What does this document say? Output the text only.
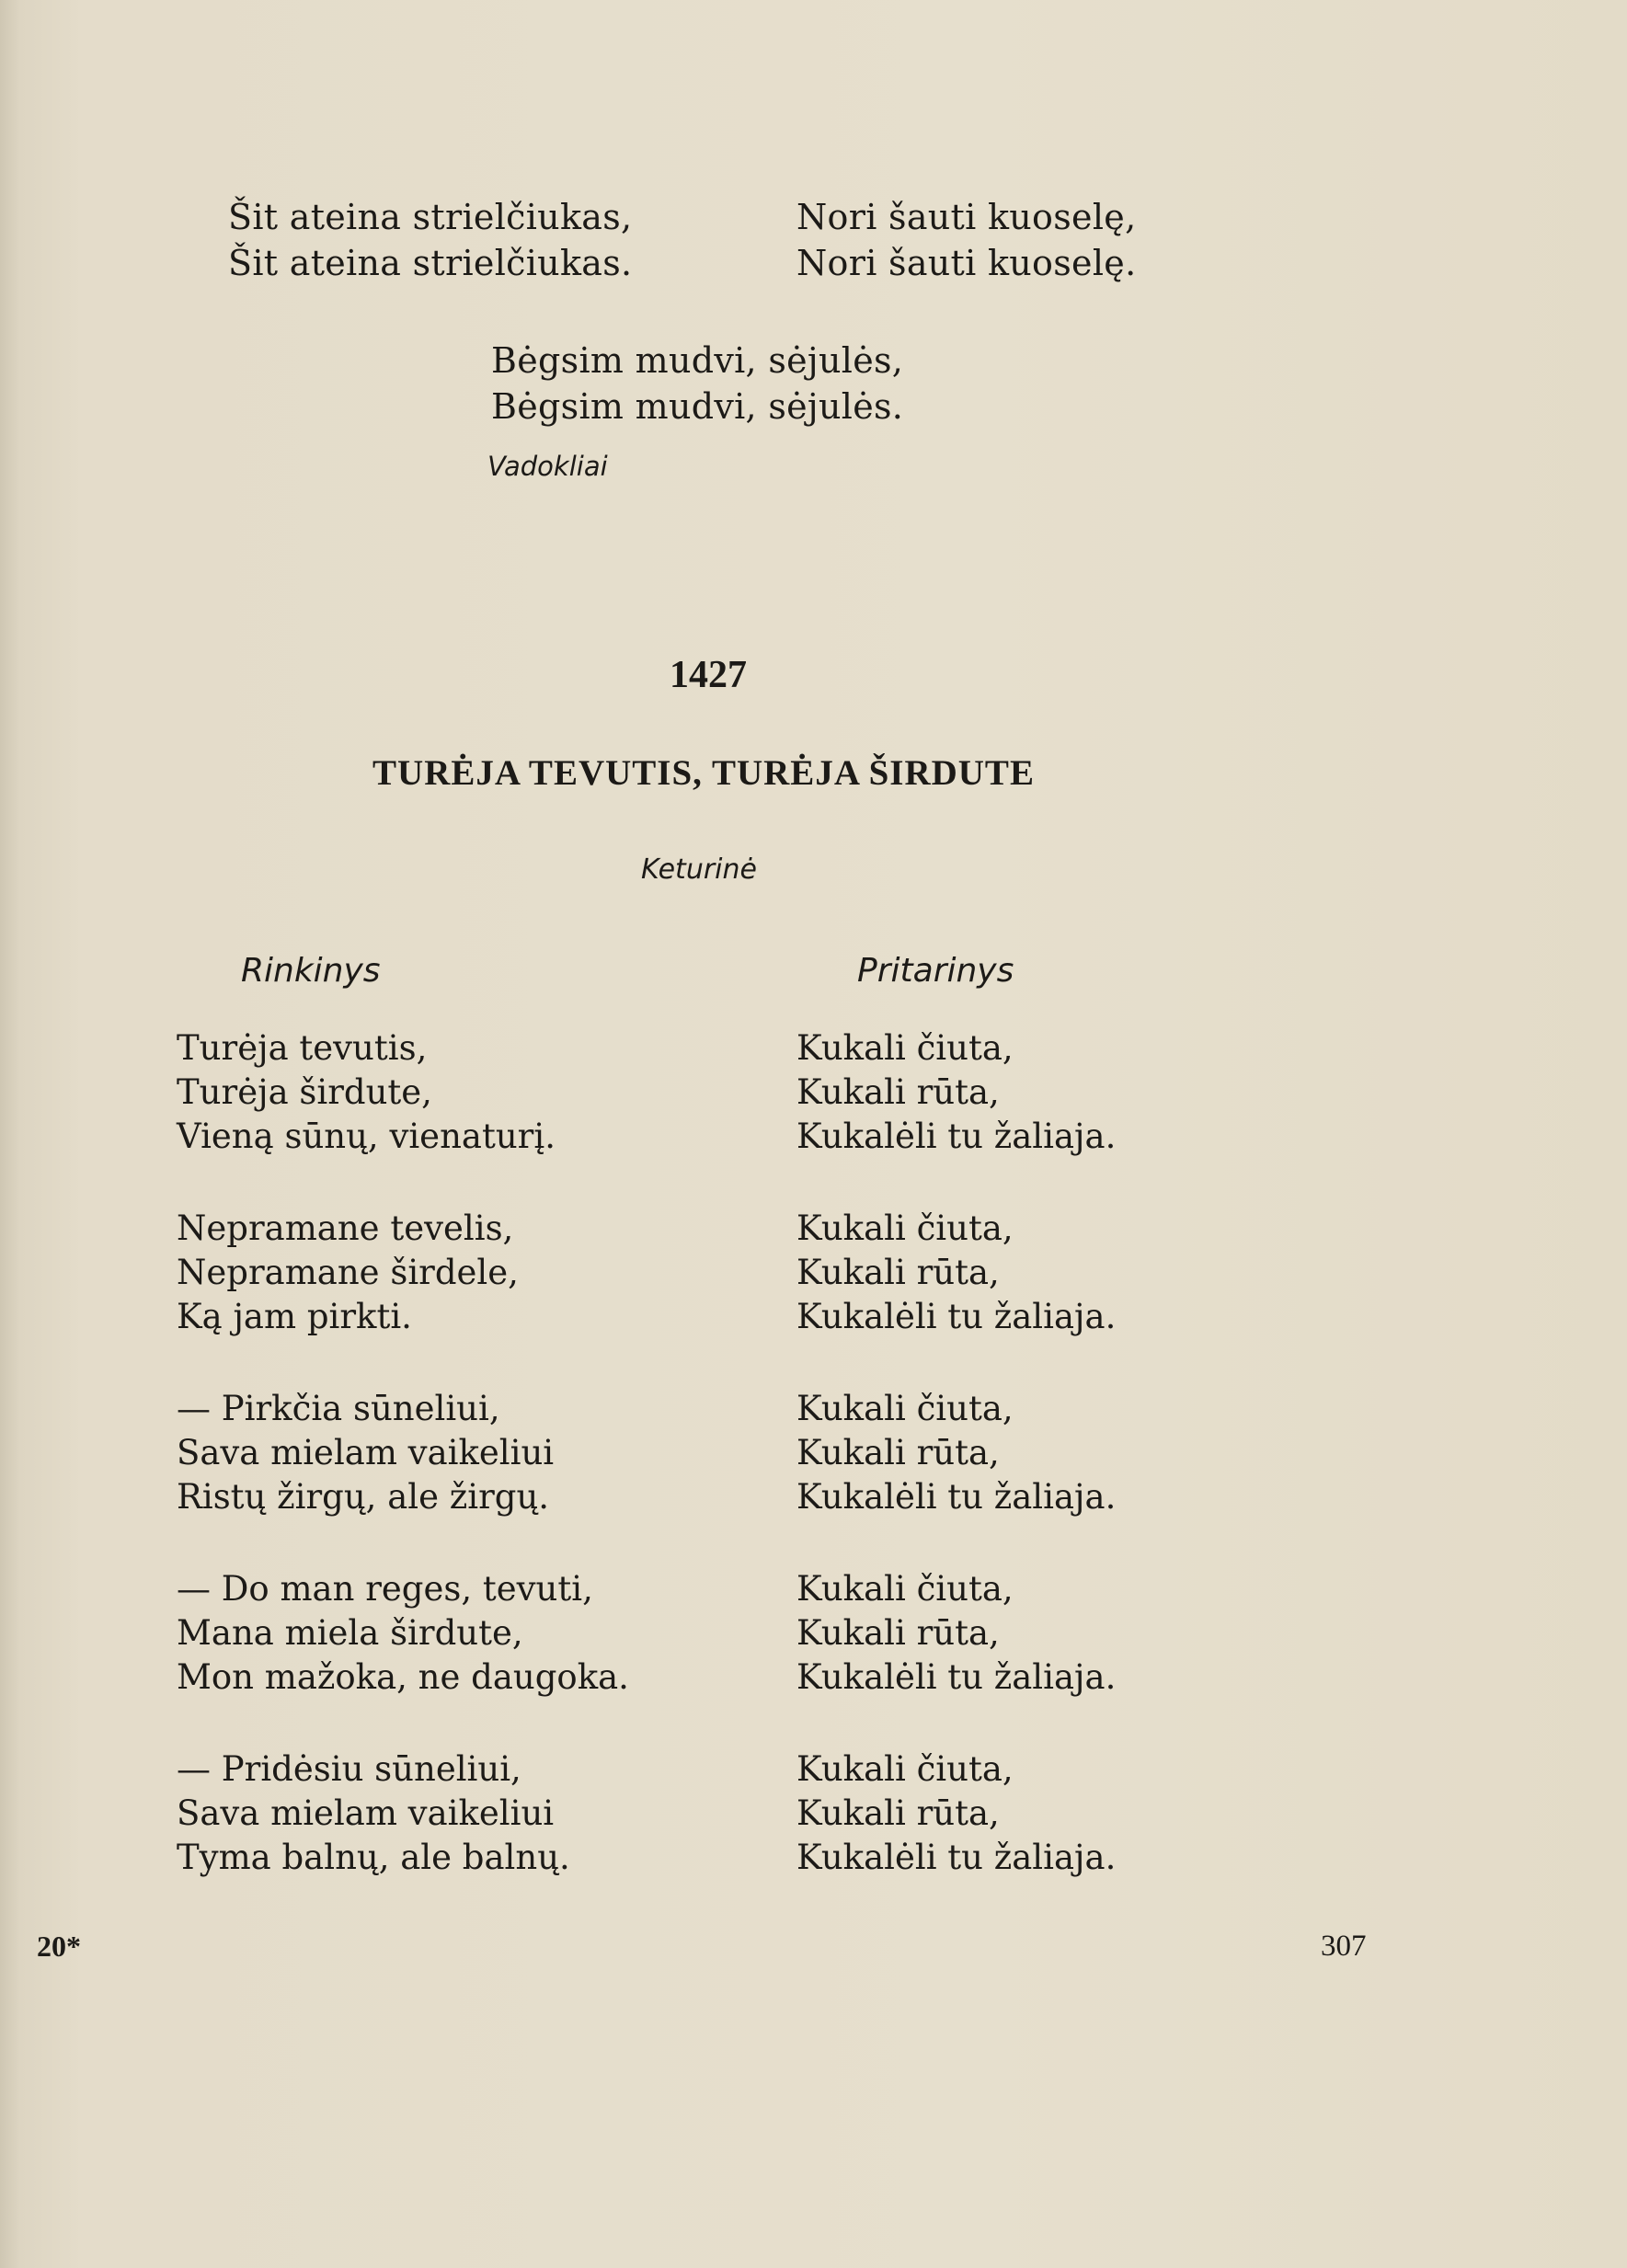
Šit ateina strielčiukas,
Šit ateina strielčiukas.
Nori šauti kuoselę,
Nori šauti kuoselę.
Bėgsim mudvi, sėjulės,
Bėgsim mudvi, sėjulės.
Vadokliai
1427
TURĖJA TEVUTIS, TURĖJA ŠIRDUTE
Keturinė
Rinkinys	Pritarinys
Turėja tevutis,
Turėja širdute,
Vieną sūnų, vienaturį.
Kukali čiuta,
Kukali rūta,
Kukalėli tu žaliaja.
Nepramane tevelis,
Nepramane širdele,
Ką jam pirkti.
Kukali čiuta,
Kukali rūta,
Kukalėli tu žaliaja.
— Pirkčia sūneliui,
Sava mielam vaikeliui
Ristų žirgų, ale žirgų.
Kukali čiuta,
Kukali rūta,
Kukalėli tu žaliaja.
— Do man reges, tevuti,
Mana miela širdute,
Mon mažoka, ne daugoka.
Kukali čiuta,
Kukali rūta,
Kukalėli tu žaliaja.
— Pridėsiu sūneliui,
Sava mielam vaikeliui
Tyma balnų, ale balnų.
Kukali čiuta,
Kukali rūta,
Kukalėli tu žaliaja.
20*	307
